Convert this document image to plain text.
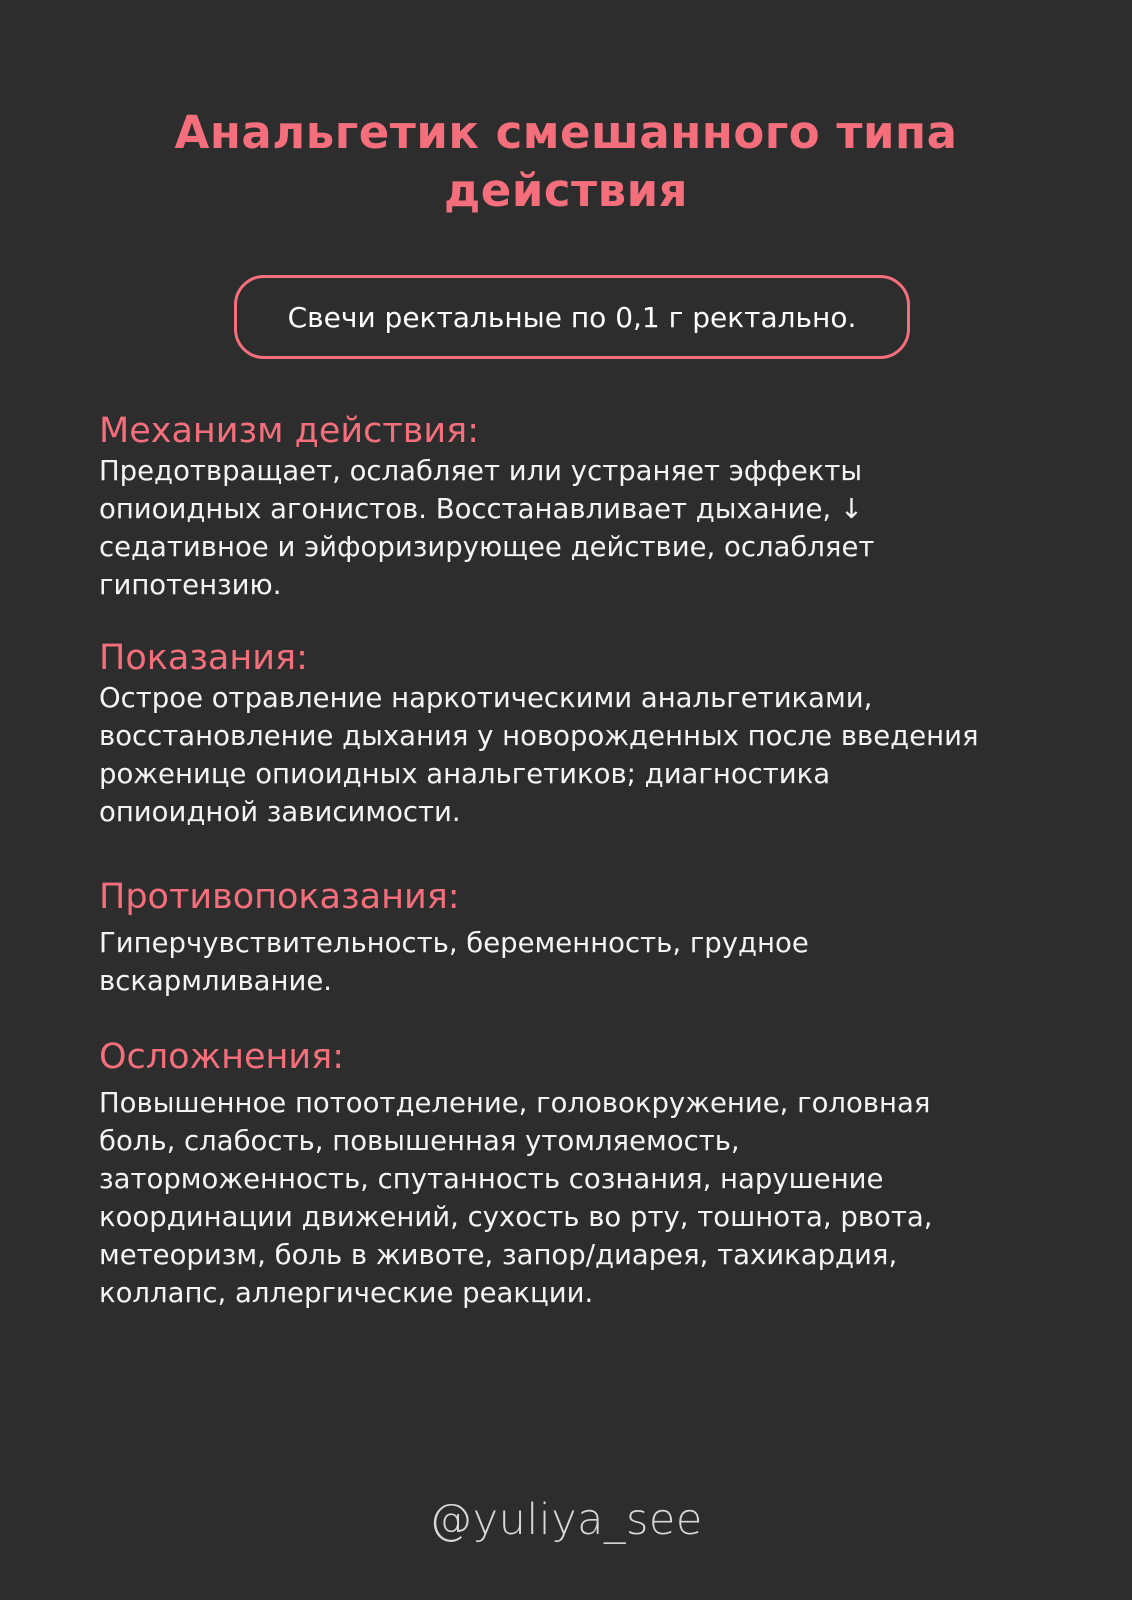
Анальгетик смешанного типа
действия
Свечи ректальные по 0,1 г ректально.
Механизм действия:

Предотвращает, ослабляет или устраняет эффекты опиоидных агонистов. Восстанавливает дыхание, ↓ седативное и эйфоризирующее действие, ослабляет гипотензию.

Показания:

Острое отравление наркотическими анальгетиками, восстановление дыхания у новорожденных после введения роженице опиоидных анальгетиков; диагностика опиоидной зависимости.

Противопоказания:

Гиперчувствительность, беременность, грудное вскармливание.

Осложнения:

Повышенное потоотделение, головокружение, головная боль, слабость, повышенная утомляемость, заторможенность, спутанность сознания, нарушение координации движений, сухость во рту, тошнота, рвота, метеоризм, боль в животе, запор/диарея, тахикардия, коллапс, аллергические реакции.

@yuliya_see
